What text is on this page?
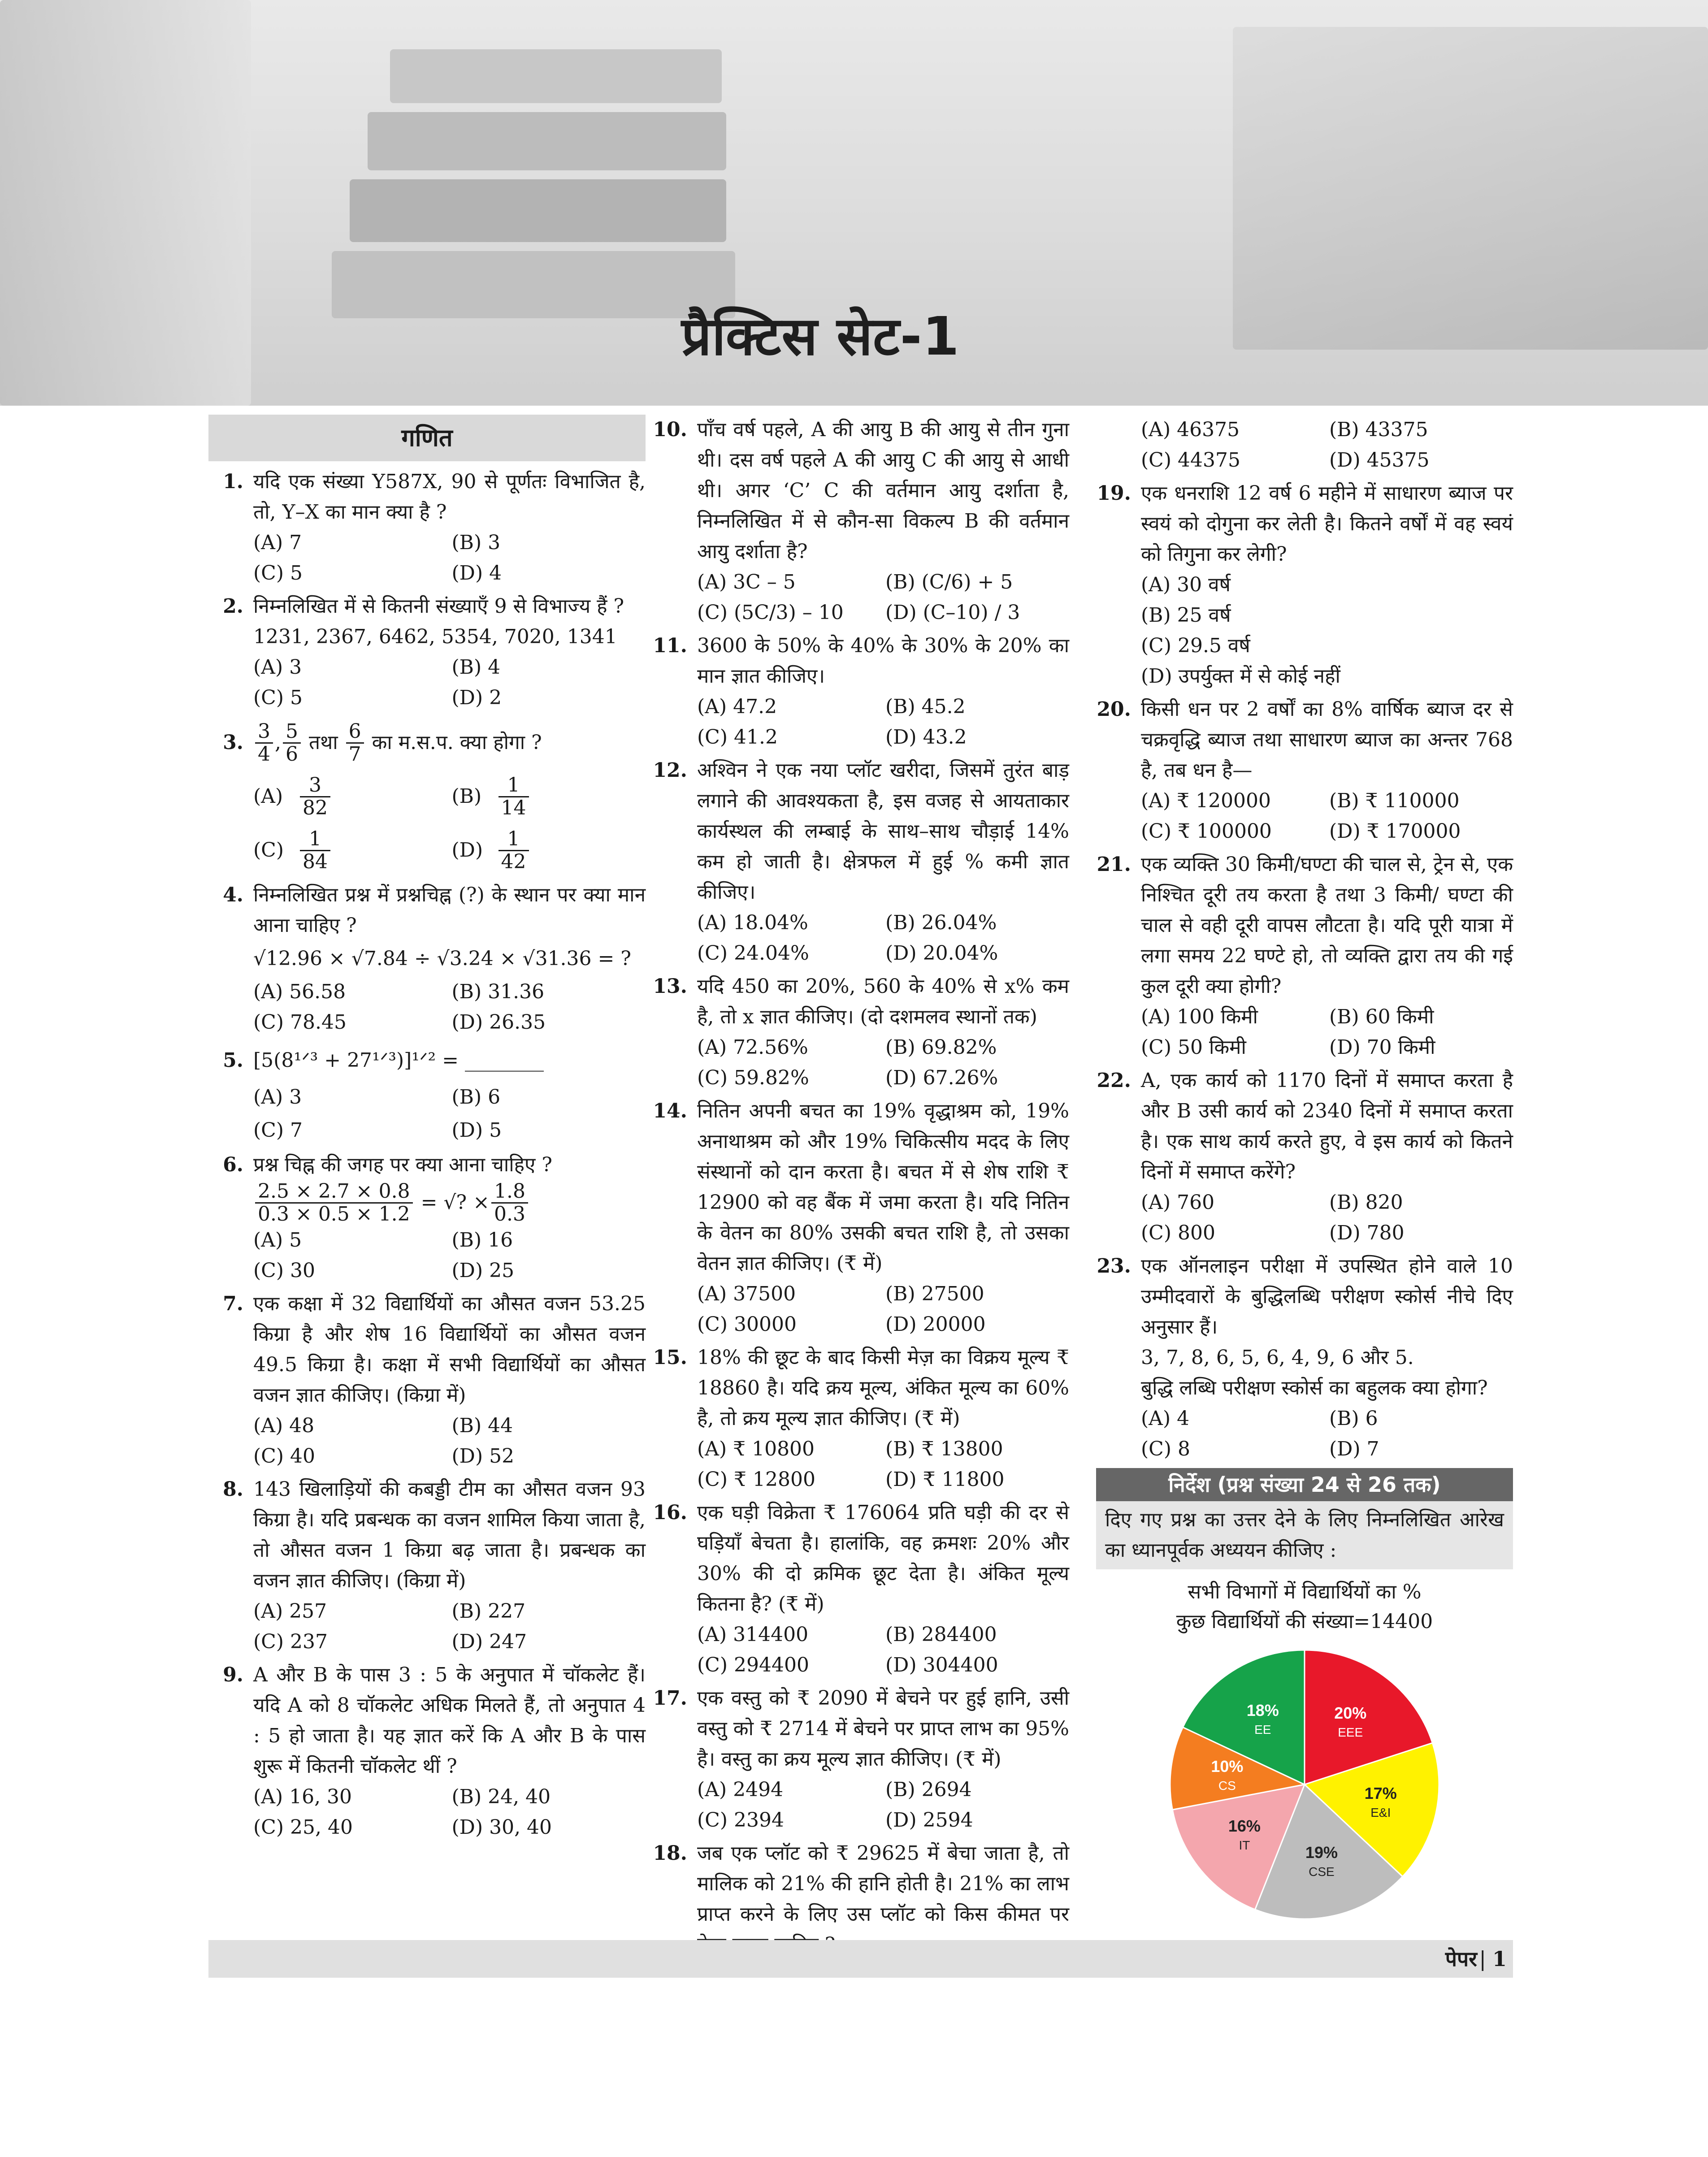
प्रैक्टिस सेट-1
गणित
1. यदि एक संख्या Y587X, 90 से पूर्णतः विभाजित है, तो, Y–X का मान क्या है ?
(A) 7	(B) 3
(C) 5	(D) 4
2. निम्नलिखित में से कितनी संख्याएँ 9 से विभाज्य हैं ?
1231, 2367, 6462, 5354, 7020, 1341
(A) 3	(B) 4
(C) 5	(D) 2
3. $\frac{3}{4}$ , $\frac{5}{6}$
तथा
$\frac{6}{7}$
का म.स.प. क्या होगा ?
$(A) \frac{3}{82}$	$(B) \frac{1}{14}$
$(C) \frac{1}{84}$	$(D) \frac{1}{42}$
4. निम्नलिखित प्रश्न में प्रश्नचिह्न (?) के स्थान पर क्या मान आना चाहिए ?
√12.96 × √7.84 ÷ √3.24 × √31.36 = ?
(A) 56.58	(B) 31.36
(C) 78.45	(D) 26.35
5. [5(8¹ᐟ³ + 27¹ᐟ³)]¹ᐟ² = ________
(A) 3	(B) 6
(C) 7	(D) 5
6. प्रश्न चिह्न की जगह पर क्या आना चाहिए ?
$\frac{2.5 \times 2.7 \times 0.8}{0.3 \times 0.5 \times 1.2}$
=
√? × $\frac{1.8}{0.3}$
(A) 5	(B) 16
(C) 30	(D) 25
7. एक कक्षा में 32 विद्यार्थियों का औसत वजन 53.25 किग्रा है और शेष 16 विद्यार्थियों का औसत वजन 49.5 किग्रा है। कक्षा में सभी विद्यार्थियों का औसत वजन ज्ञात कीजिए। (किग्रा में)
(A) 48	(B) 44
(C) 40	(D) 52
8. 143 खिलाड़ियों की कबड्डी टीम का औसत वजन 93 किग्रा है। यदि प्रबन्धक का वजन शामिल किया जाता है, तो औसत वजन 1 किग्रा बढ़ जाता है। प्रबन्धक का वजन ज्ञात कीजिए। (किग्रा में)
(A) 257	(B) 227
(C) 237	(D) 247
9. A और B के पास 3 : 5 के अनुपात में चॉकलेट हैं। यदि A को 8 चॉकलेट अधिक मिलते हैं, तो अनुपात 4 : 5 हो जाता है। यह ज्ञात करें कि A और B के पास शुरू में कितनी चॉकलेट थीं ?
(A) 16, 30	(B) 24, 40
(C) 25, 40	(D) 30, 40
10. पाँच वर्ष पहले, A की आयु B की आयु से तीन गुना थी। दस वर्ष पहले A की आयु C की आयु से आधी थी। अगर ‘C’ C की वर्तमान आयु दर्शाता है, निम्नलिखित में से कौन-सा विकल्प B की वर्तमान आयु दर्शाता है?
(A) 3C – 5	(B) (C/6) + 5
(C) (5C/3) – 10	(D) (C–10) / 3
11. 3600 के 50% के 40% के 30% के 20% का मान ज्ञात कीजिए।
(A) 47.2	(B) 45.2
(C) 41.2	(D) 43.2
12. अश्विन ने एक नया प्लॉट खरीदा, जिसमें तुरंत बाड़ लगाने की आवश्यकता है, इस वजह से आयताकार कार्यस्थल की लम्बाई के साथ–साथ चौड़ाई 14% कम हो जाती है। क्षेत्रफल में हुई % कमी ज्ञात कीजिए।
(A) 18.04%	(B) 26.04%
(C) 24.04%	(D) 20.04%
13. यदि 450 का 20%, 560 के 40% से x% कम है, तो x ज्ञात कीजिए। (दो दशमलव स्थानों तक)
(A) 72.56%	(B) 69.82%
(C) 59.82%	(D) 67.26%
14. नितिन अपनी बचत का 19% वृद्धाश्रम को, 19% अनाथाश्रम को और 19% चिकित्सीय मदद के लिए संस्थानों को दान करता है। बचत में से शेष राशि ₹ 12900 को वह बैंक में जमा करता है। यदि नितिन के वेतन का 80% उसकी बचत राशि है, तो उसका वेतन ज्ञात कीजिए। (₹ में)
(A) 37500	(B) 27500
(C) 30000	(D) 20000
15. 18% की छूट के बाद किसी मेज़ का विक्रय मूल्य ₹ 18860 है। यदि क्रय मूल्य, अंकित मूल्य का 60% है, तो क्रय मूल्य ज्ञात कीजिए। (₹ में)
(A) ₹ 10800	(B) ₹ 13800
(C) ₹ 12800	(D) ₹ 11800
16. एक घड़ी विक्रेता ₹ 176064 प्रति घड़ी की दर से घड़ियाँ बेचता है। हालांकि, वह क्रमशः 20% और 30% की दो क्रमिक छूट देता है। अंकित मूल्य कितना है? (₹ में)
(A) 314400	(B) 284400
(C) 294400	(D) 304400
17. एक वस्तु को ₹ 2090 में बेचने पर हुई हानि, उसी वस्तु को ₹ 2714 में बेचने पर प्राप्त लाभ का 95% है। वस्तु का क्रय मूल्य ज्ञात कीजिए। (₹ में)
(A) 2494	(B) 2694
(C) 2394	(D) 2594
18. जब एक प्लॉट को ₹ 29625 में बेचा जाता है, तो मालिक को 21% की हानि होती है। 21% का लाभ प्राप्त करने के लिए उस प्लॉट को किस कीमत पर
(A) 46375	(B) 43375
(C) 44375	(D) 45375
19. एक धनराशि 12 वर्ष 6 महीने में साधारण ब्याज पर स्वयं को दोगुना कर लेती है। कितने वर्षों में वह स्वयं को तिगुना कर लेगी?
(A) 30 वर्ष
(B) 25 वर्ष
(C) 29.5 वर्ष
(D) उपर्युक्त में से कोई नहीं
20. किसी धन पर 2 वर्षों का 8% वार्षिक ब्याज दर से चक्रवृद्धि ब्याज तथा साधारण ब्याज का अन्तर 768 है, तब धन है—
(A) ₹ 120000	(B) ₹ 110000
(C) ₹ 100000	(D) ₹ 170000
21. एक व्यक्ति 30 किमी/घण्टा की चाल से, ट्रेन से, एक निश्चित दूरी तय करता है तथा 3 किमी/ घण्टा की चाल से वही दूरी वापस लौटता है। यदि पूरी यात्रा में लगा समय 22 घण्टे हो, तो व्यक्ति द्वारा तय की गई कुल दूरी क्या होगी?
(A) 100 किमी	(B) 60 किमी
(C) 50 किमी	(D) 70 किमी
22. A, एक कार्य को 1170 दिनों में समाप्त करता है और B उसी कार्य को 2340 दिनों में समाप्त करता है। एक साथ कार्य करते हुए, वे इस कार्य को कितने दिनों में समाप्त करेंगे?
(A) 760	(B) 820
(C) 800	(D) 780
23. एक ऑनलाइन परीक्षा में उपस्थित होने वाले 10 उम्मीदवारों के बुद्धिलब्धि परीक्षण स्कोर्स नीचे दिए अनुसार हैं।
3, 7, 8, 6, 5, 6, 4, 9, 6 और 5.
बुद्धि लब्धि परीक्षण स्कोर्स का बहुलक क्या होगा?
(A) 4	(B) 6
(C) 8	(D) 7
निर्देश (प्रश्न संख्या 24 से 26 तक)
दिए गए प्रश्न का उत्तर देने के लिए निम्नलिखित आरेख का ध्यानपूर्वक अध्ययन कीजिए :
सभी विभागों में विद्यार्थियों का %
कुछ विद्यार्थियों की संख्या=14400
20%
EEE
17%
E&I
19%
CSE
16%
IT
10%
CS
18%
EE
पेपर | 1
